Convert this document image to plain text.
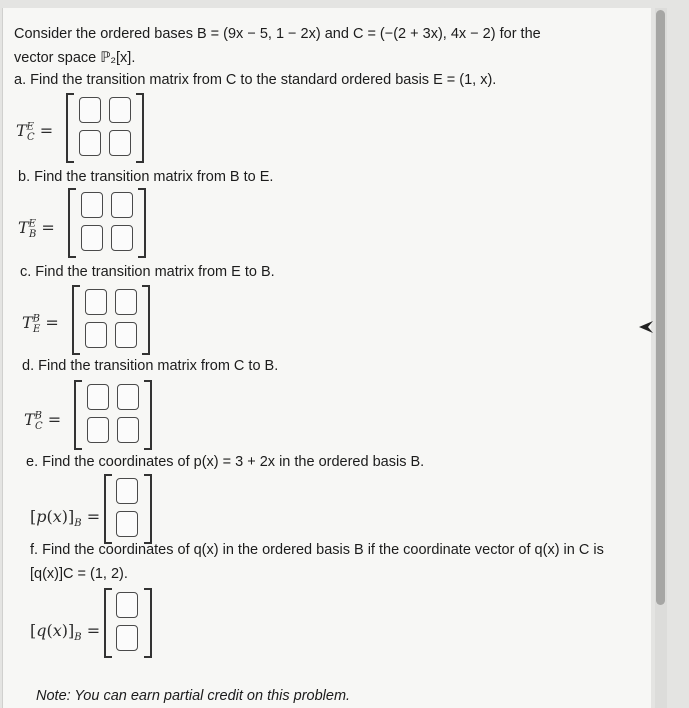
Consider the ordered bases B = (9x − 5, 1 − 2x) and C = (−(2 + 3x), 4x − 2) for the
vector space ℙ₂[x].
a. Find the transition matrix from C to the standard ordered basis E = (1, x).
$T^E_C$ =
b. Find the transition matrix from B to E.
$T^E_B$ =
c. Find the transition matrix from E to B.
$T^B_E$ =
d. Find the transition matrix from C to B.
$T^B_C$ =
e. Find the coordinates of p(x) = 3 + 2x in the ordered basis B.
$[p(x)]_B$ =
f. Find the coordinates of q(x) in the ordered basis B if the coordinate vector of q(x) in C is
[q(x)]C = (1, 2).
$[q(x)]_B$ =
Note: You can earn partial credit on this problem.
